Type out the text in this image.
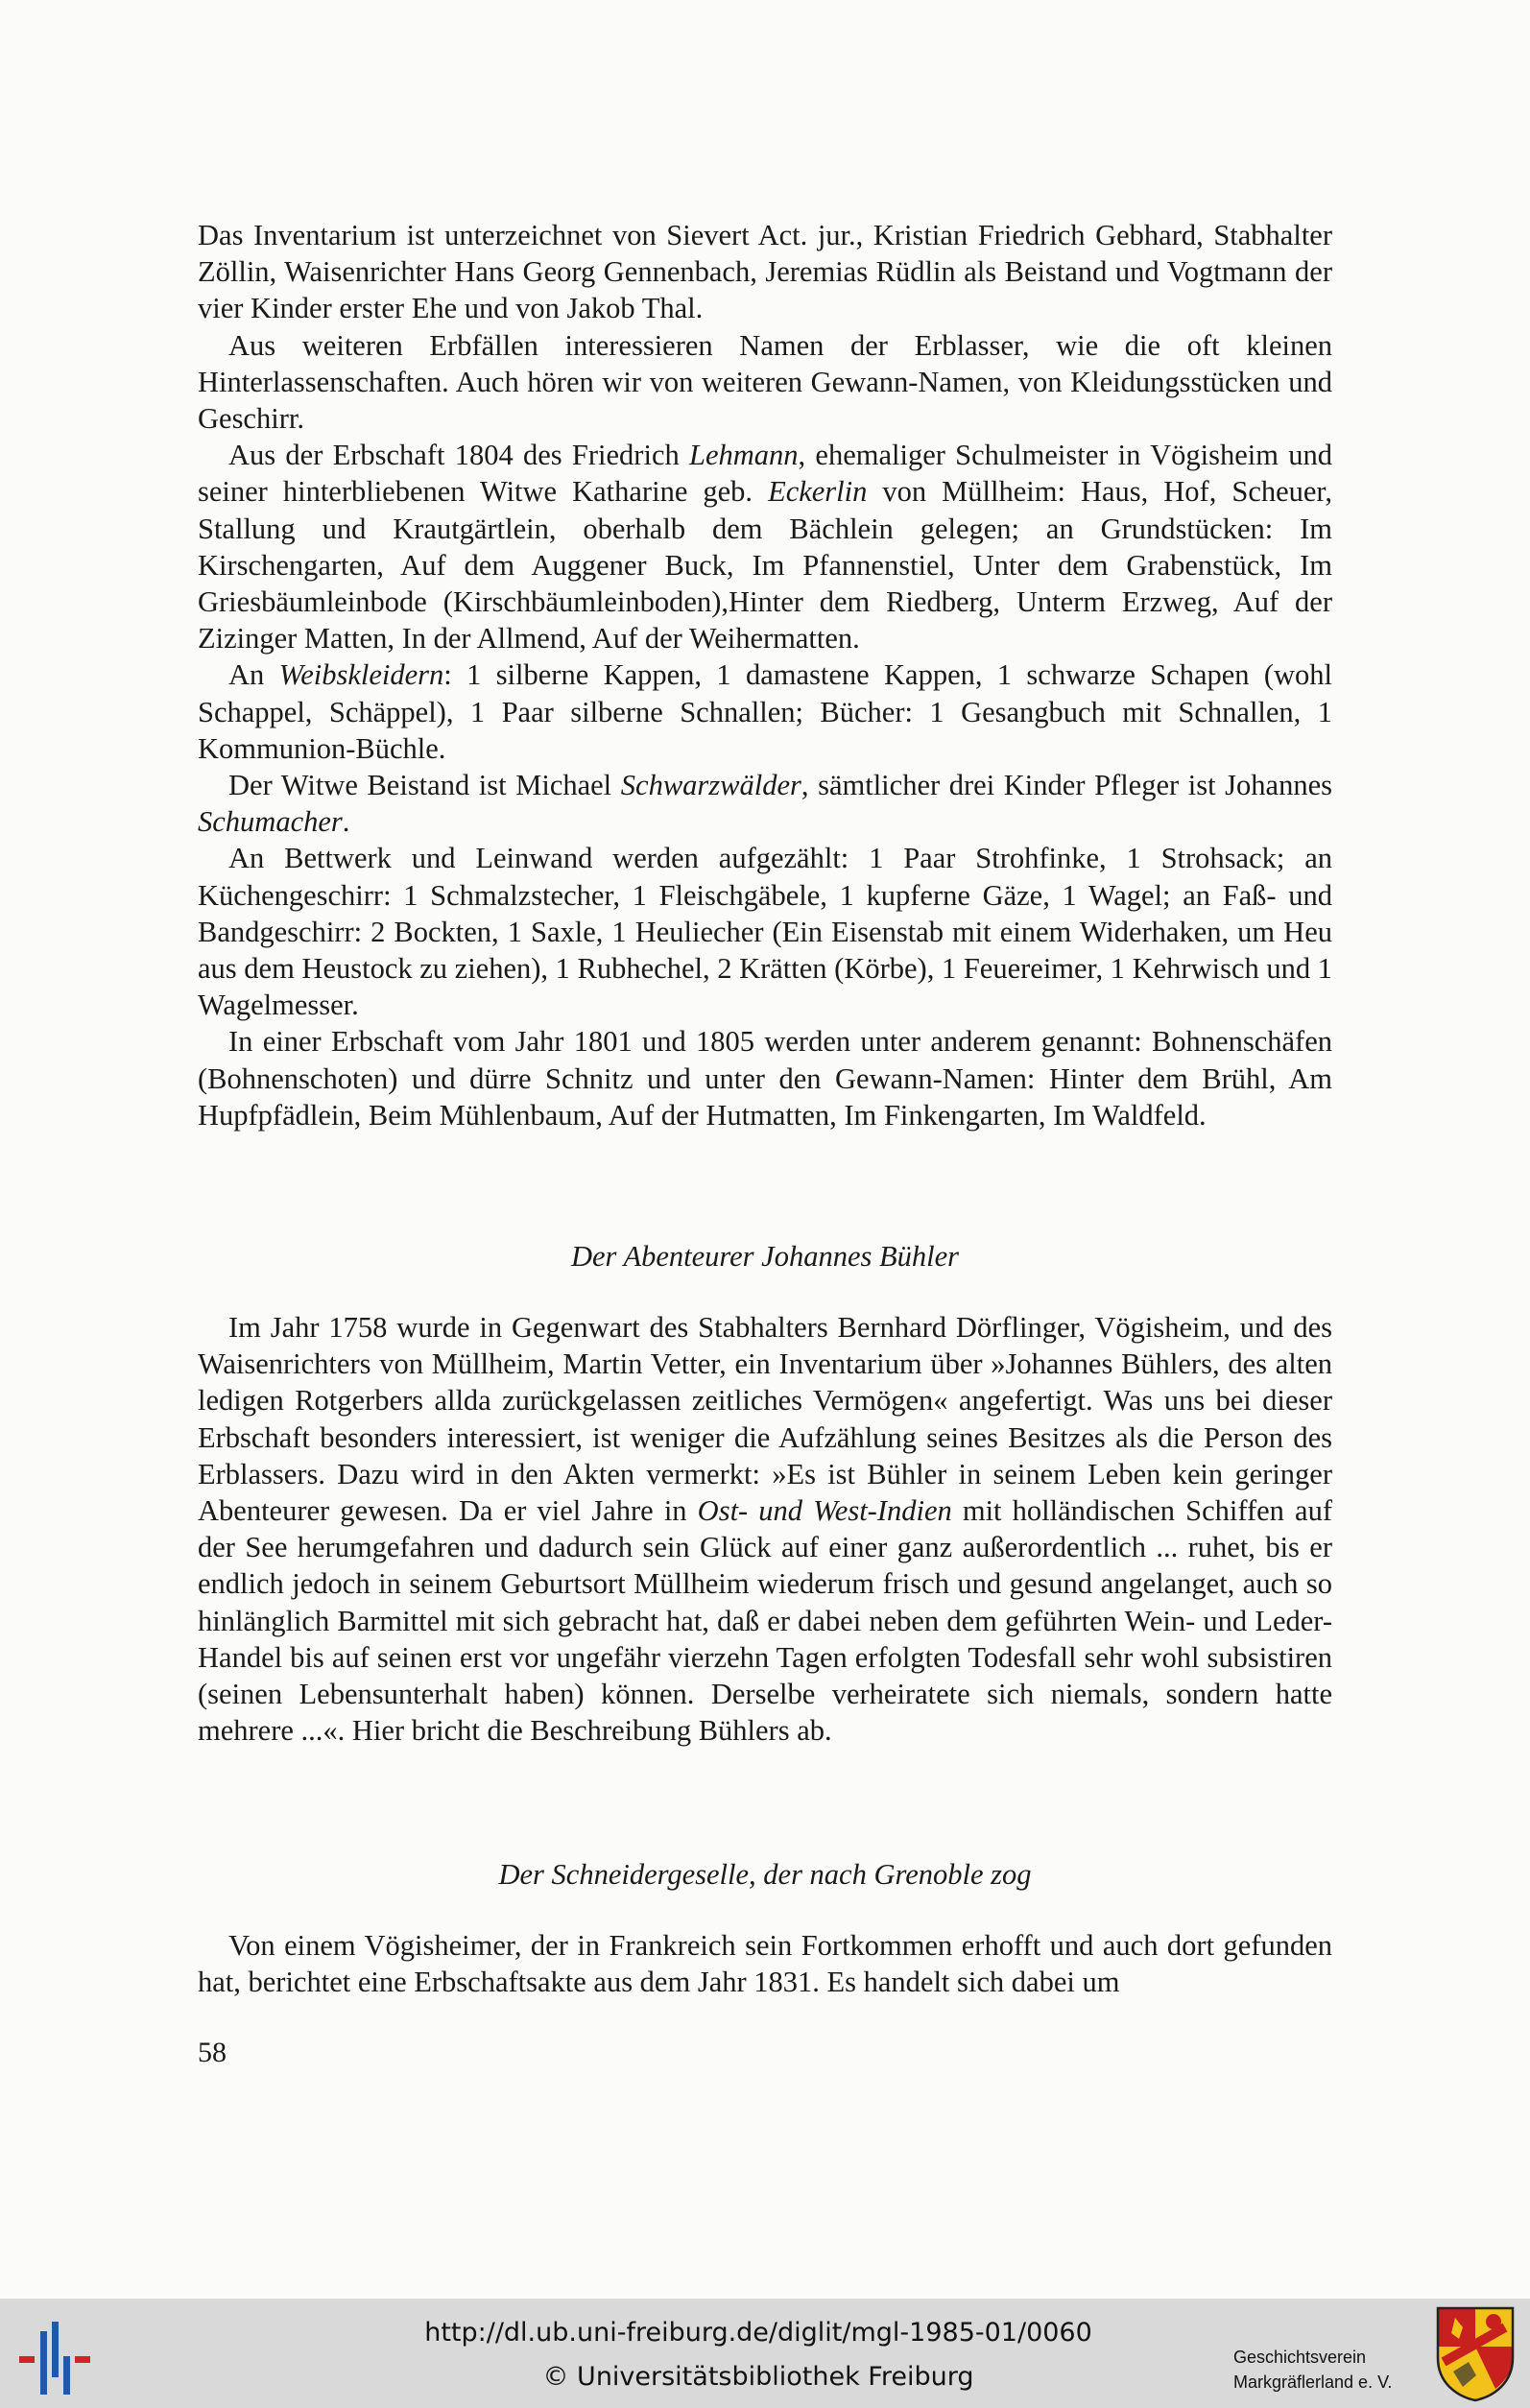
Das Inventarium ist unterzeichnet von Sievert Act. jur., Kristian Friedrich Gebhard, Stabhalter Zöllin, Waisenrichter Hans Georg Gennenbach, Jeremias Rüdlin als Beistand und Vogtmann der vier Kinder erster Ehe und von Jakob Thal.

Aus weiteren Erbfällen interessieren Namen der Erblasser, wie die oft kleinen Hinterlassenschaften. Auch hören wir von weiteren Gewann-Namen, von Kleidungsstücken und Geschirr.

Aus der Erbschaft 1804 des Friedrich Lehmann, ehemaliger Schulmeister in Vögisheim und seiner hinterbliebenen Witwe Katharine geb. Eckerlin von Müllheim: Haus, Hof, Scheuer, Stallung und Krautgärtlein, oberhalb dem Bächlein gelegen; an Grundstücken: Im Kirschengarten, Auf dem Auggener Buck, Im Pfannenstiel, Unter dem Grabenstück, Im Griesbäumleinbode (Kirschbäumleinboden),Hinter dem Riedberg, Unterm Erzweg, Auf der Zizinger Matten, In der Allmend, Auf der Weihermatten.

An Weibskleidern: 1 silberne Kappen, 1 damastene Kappen, 1 schwarze Schapen (wohl Schappel, Schäppel), 1 Paar silberne Schnallen; Bücher: 1 Gesangbuch mit Schnallen, 1 Kommunion-Büchle.

Der Witwe Beistand ist Michael Schwarzwälder, sämtlicher drei Kinder Pfleger ist Johannes Schumacher.

An Bettwerk und Leinwand werden aufgezählt: 1 Paar Strohfinke, 1 Strohsack; an Küchengeschirr: 1 Schmalzstecher, 1 Fleischgäbele, 1 kupferne Gäze, 1 Wagel; an Faß- und Bandgeschirr: 2 Bockten, 1 Saxle, 1 Heuliecher (Ein Eisenstab mit einem Widerhaken, um Heu aus dem Heustock zu ziehen), 1 Rubhechel, 2 Krätten (Körbe), 1 Feuereimer, 1 Kehrwisch und 1 Wagelmesser.

In einer Erbschaft vom Jahr 1801 und 1805 werden unter anderem genannt: Bohnenschäfen (Bohnenschoten) und dürre Schnitz und unter den Gewann-Namen: Hinter dem Brühl, Am Hupfpfädlein, Beim Mühlenbaum, Auf der Hutmatten, Im Finkengarten, Im Waldfeld.

Der Abenteurer Johannes Bühler

Im Jahr 1758 wurde in Gegenwart des Stabhalters Bernhard Dörflinger, Vögisheim, und des Waisenrichters von Müllheim, Martin Vetter, ein Inventarium über »Johannes Bühlers, des alten ledigen Rotgerbers allda zurückgelassen zeitliches Vermögen« angefertigt. Was uns bei dieser Erbschaft besonders interessiert, ist weniger die Aufzählung seines Besitzes als die Person des Erblassers. Dazu wird in den Akten vermerkt: »Es ist Bühler in seinem Leben kein geringer Abenteurer gewesen. Da er viel Jahre in Ost- und West-Indien mit holländischen Schiffen auf der See herumgefahren und dadurch sein Glück auf einer ganz außerordentlich ... ruhet, bis er endlich jedoch in seinem Geburtsort Müllheim wiederum frisch und gesund angelanget, auch so hinlänglich Barmittel mit sich gebracht hat, daß er dabei neben dem geführten Wein- und Leder-Handel bis auf seinen erst vor ungefähr vierzehn Tagen erfolgten Todesfall sehr wohl subsistiren (seinen Lebensunterhalt haben) können. Derselbe verheiratete sich niemals, sondern hatte mehrere ...«. Hier bricht die Beschreibung Bühlers ab.

Der Schneidergeselle, der nach Grenoble zog

Von einem Vögisheimer, der in Frankreich sein Fortkommen erhofft und auch dort gefunden hat, berichtet eine Erbschaftsakte aus dem Jahr 1831. Es handelt sich dabei um

58
http://dl.ub.uni-freiburg.de/diglit/mgl-1985-01/0060
© Universitätsbibliothek Freiburg
Geschichtsverein
Markgräflerland e. V.
